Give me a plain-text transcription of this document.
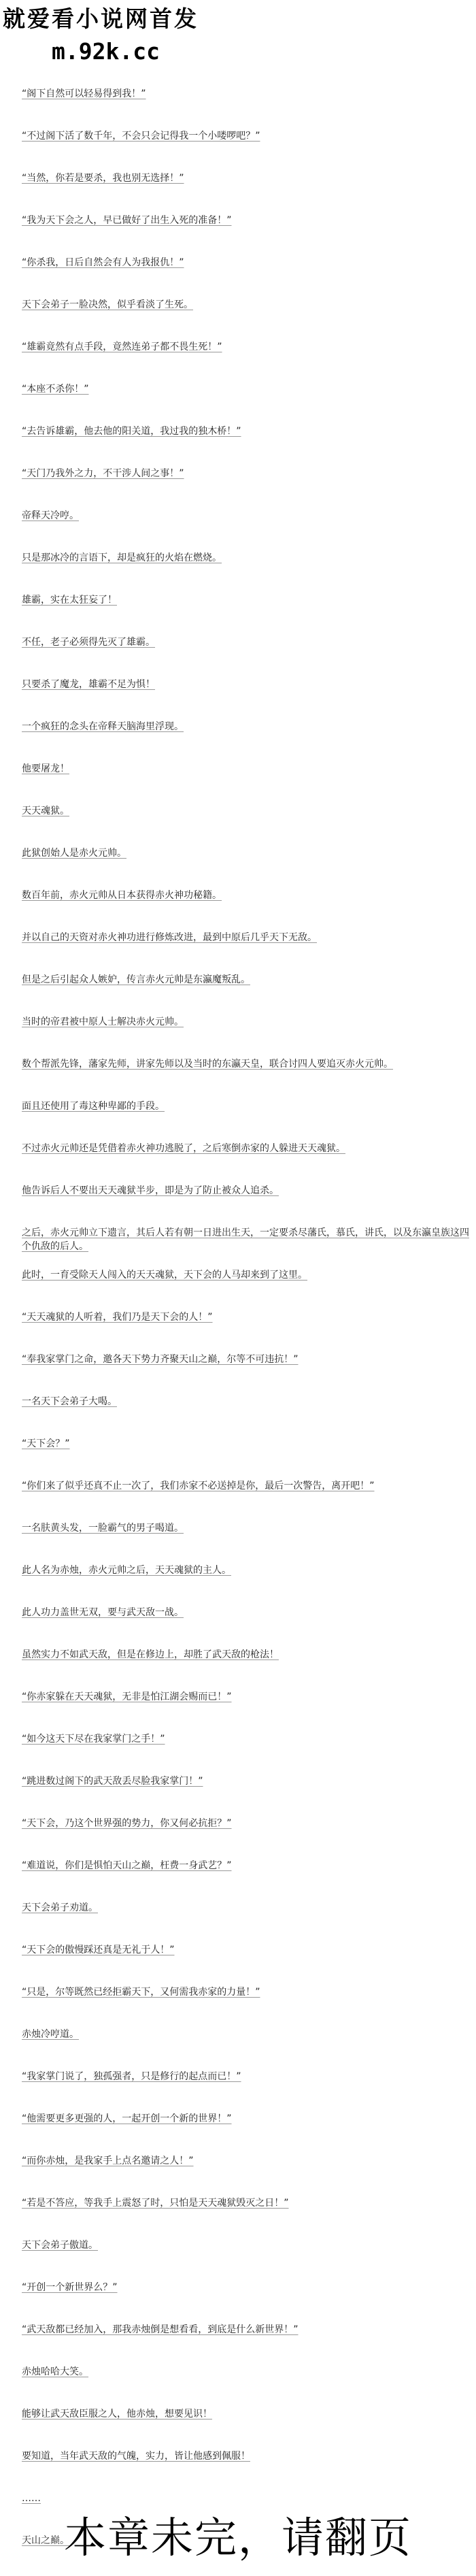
就爱看小说网首发
m.92k.cc

“阁下自然可以轻易得到我！”

“不过阁下活了数千年，不会只会记得我一个小喽啰吧？”

“当然，你若是要杀，我也别无选择！”

“我为天下会之人，早已做好了出生入死的准备！”

“你杀我，日后自然会有人为我报仇！”

天下会弟子一脸决然，似乎看淡了生死。

“雄霸竟然有点手段，竟然连弟子都不畏生死！”

“本座不杀你！”

“去告诉雄霸，他去他的阳关道，我过我的独木桥！”

“天门乃我外之力，不干涉人间之事！”

帝释天冷哼。

只是那冰冷的言语下，却是疯狂的火焰在燃烧。

雄霸，实在太狂妄了！

不任，老子必须得先灭了雄霸。

只要杀了魔龙，雄霸不足为惧！

一个疯狂的念头在帝释天脑海里浮现。

他要屠龙！

天天魂狱。

此狱创始人是赤火元帅。

数百年前，赤火元帅从日本获得赤火神功秘籍。

并以自己的天资对赤火神功进行修炼改进，最到中原后几乎天下无敌。

但是之后引起众人嫉妒，传言赤火元帅是东瀛魔叛乱。

当时的帝君被中原人士解决赤火元帅。

数个帮派先锋，藩家先师，讲家先师以及当时的东瀛天皇，联合讨四人要追灭赤火元帅。

面且还使用了毒这种卑鄙的手段。

不过赤火元帅还是凭借着赤火神功逃脱了，之后寒倒赤家的人躲进天天魂狱。

他告诉后人不要出天天魂狱半步，即是为了防止被众人追杀。

之后，赤火元帅立下遗言，其后人若有朝一日进出生天，一定要杀尽藩氏，慕氏，讲氏，以及东瀛皇族这四个仇敌的后人。

此时，一育受除天人闯入的天天魂狱，天下会的人马却来到了这里。

“天天魂狱的人听着，我们乃是天下会的人！”

“奉我家掌门之命，邀各天下势力齐聚天山之巅，尔等不可违抗！”

一名天下会弟子大喝。

“天下会？”

“你们来了似乎还真不止一次了，我们赤家不必送掉是你，最后一次警告，离开吧！”

一名肤黄头发，一脸霸气的男子喝道。

此人名为赤烛，赤火元帅之后，天天魂狱的主人。

此人功力盖世无双，要与武天敌一战。

虽然实力不如武天敌，但是在修边上，却胜了武天敌的枪法！

“你赤家躲在天天魂狱，无非是怕江湖会赐而已！”

“如今这天下尽在我家掌门之手！”

“跳进数过阁下的武天敌丢尽脸我家掌门！”

“天下会，乃这个世界强的势力，你又何必抗拒？”

“难道说，你们是惧怕天山之巅，枉费一身武艺？”

天下会弟子劝道。

“天下会的傲慢踩还真是无礼于人！”

“只是，尔等既然已经拒霸天下，又何需我赤家的力量！”

赤烛冷哼道。

“我家掌门说了，独孤强者，只是修行的起点而已！”

“他需要更多更强的人，一起开创一个新的世界！”

“而你赤烛，是我家手上点名邀请之人！”

“若是不答应，等我手上震怒了时，只怕是天天魂狱毁灭之日！”

天下会弟子傲道。

“开创一个新世界么？”

“武天敌都已经加入，那我赤烛倒是想看看，到底是什么新世界！”

赤烛哈哈大笑。

能够让武天敌臣服之人，他赤烛，想要见识！

要知道，当年武天敌的气魄，实力，皆让他感到佩服！

……

天山之巅。

本章未完，请翻页
